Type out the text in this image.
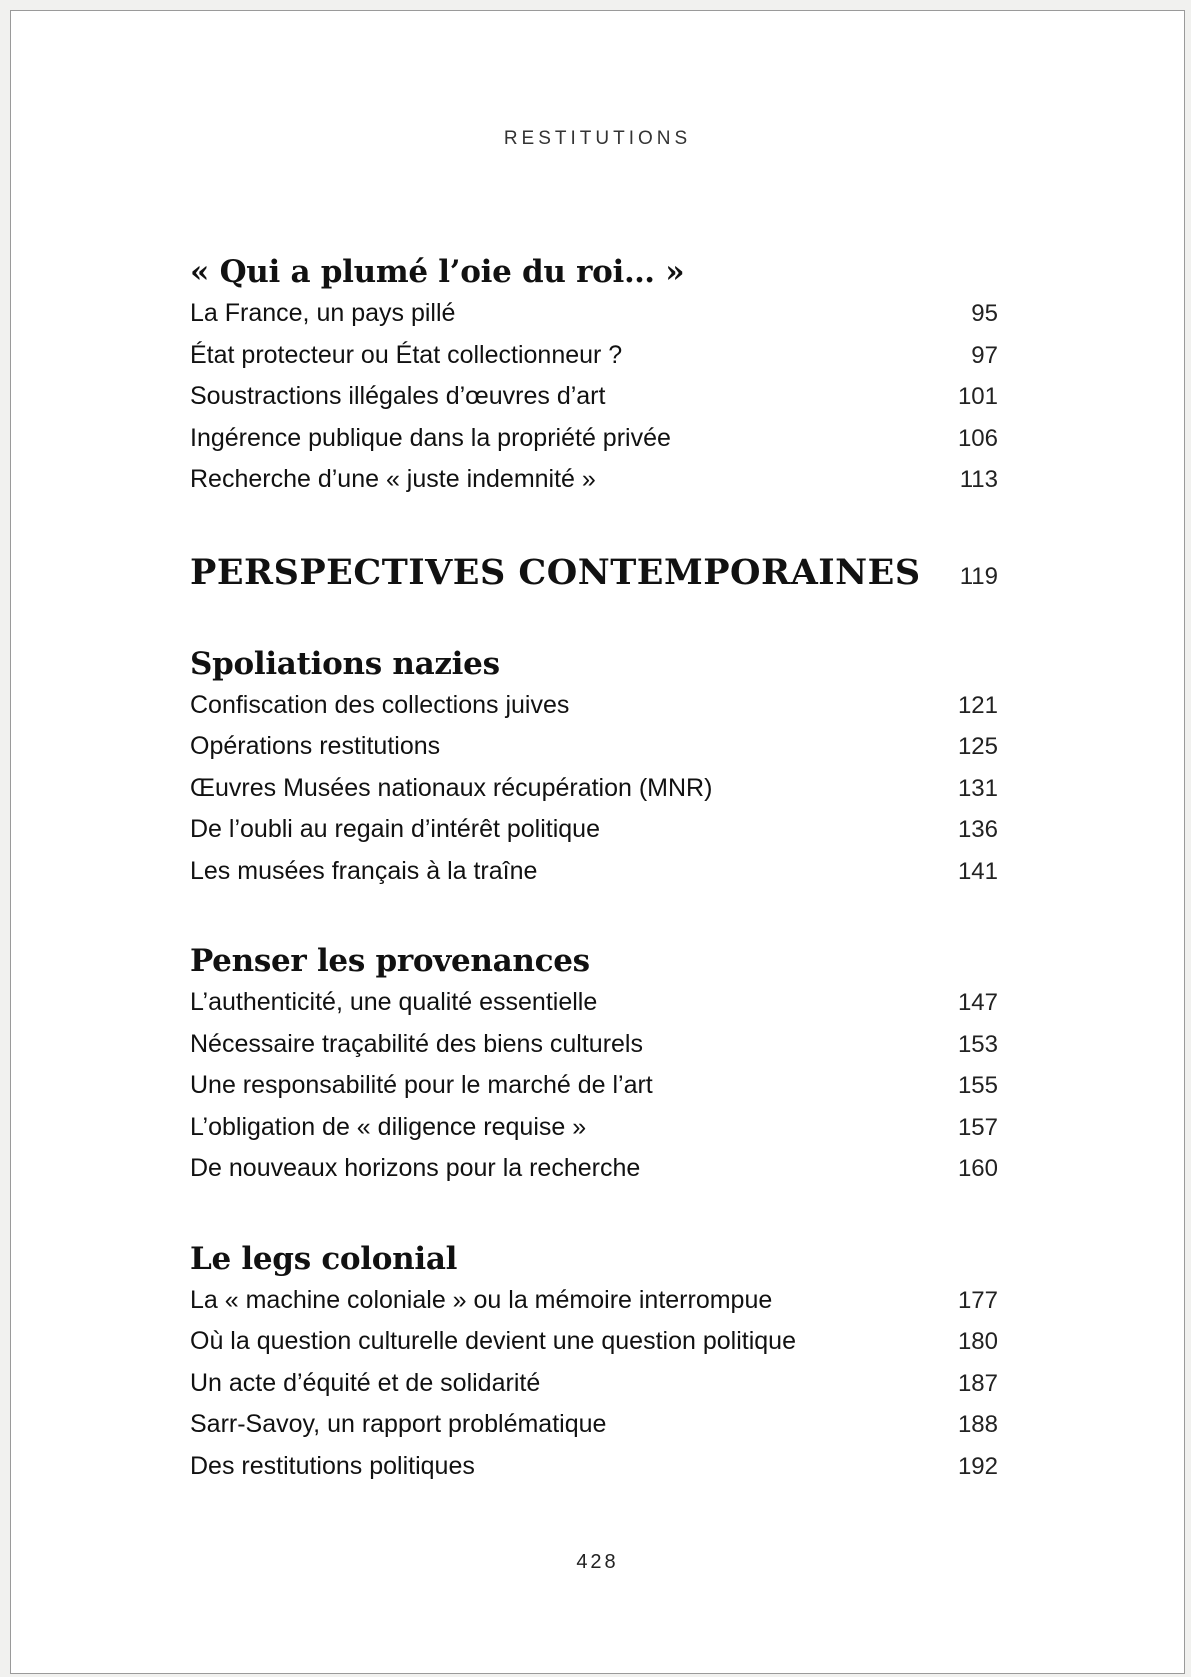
RESTITUTIONS
« Qui a plumé l’oie du roi… »
La France, un pays pillé	95
État protecteur ou État collectionneur ?	97
Soustractions illégales d’œuvres d’art	101
Ingérence publique dans la propriété privée	106
Recherche d’une « juste indemnité »	113
PERSPECTIVES CONTEMPORAINES 119
Spoliations nazies
Confiscation des collections juives	121
Opérations restitutions	125
Œuvres Musées nationaux récupération (MNR)	131
De l’oubli au regain d’intérêt politique	136
Les musées français à la traîne	141
Penser les provenances
L’authenticité, une qualité essentielle	147
Nécessaire traçabilité des biens culturels	153
Une responsabilité pour le marché de l’art	155
L’obligation de « diligence requise »	157
De nouveaux horizons pour la recherche	160
Le legs colonial
La « machine coloniale » ou la mémoire interrompue	177
Où la question culturelle devient une question politique	180
Un acte d’équité et de solidarité	187
Sarr-Savoy, un rapport problématique	188
Des restitutions politiques	192
428
